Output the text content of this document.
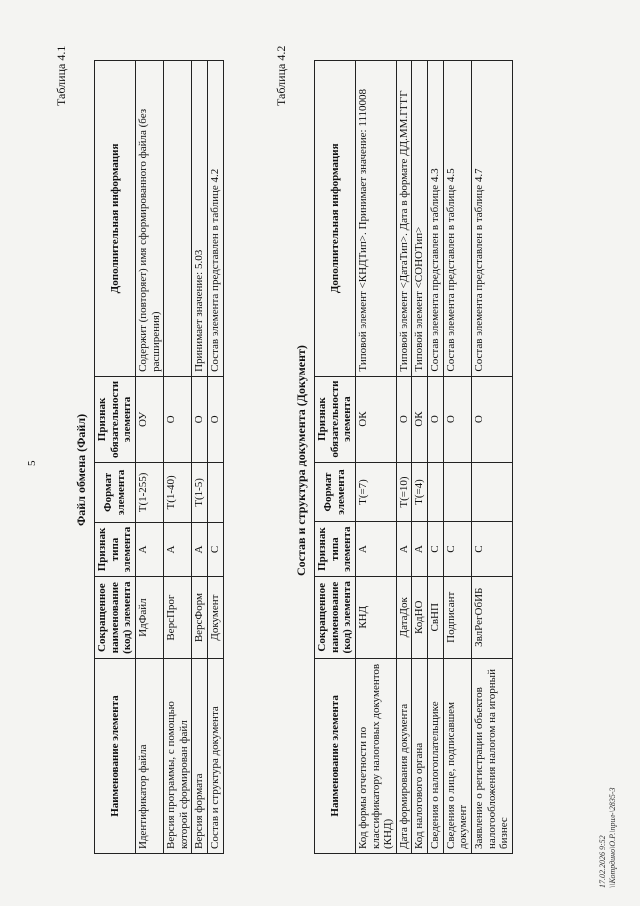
5
Таблица 4.1
Файл обмена (Файл)
Наименование элемента	Сокращенное наименование (код) элемента	Признак типа элемента	Формат элемента	Признак обязательности элемента	Дополнительная информация
Идентификатор файла	ИдФайл	А	T(1-255)	ОУ	Содержит (повторяет) имя сформированного файла (без расширения)
Версия программы, с помощью которой сформирован файл	ВерсПрог	А	T(1-40)	О	
Версия формата	ВерсФорм	А	T(1-5)	О	Принимает значение: 5.03
Состав и структура документа	Документ	С		О	Состав элемента представлен в таблице 4.2
Таблица 4.2
Состав и структура документа (Документ)
Наименование элемента	Сокращенное наименование (код) элемента	Признак типа элемента	Формат элемента	Признак обязательности элемента	Дополнительная информация
Код формы отчетности по классификатору налоговых документов (КНД)	КНД	А	T(=7)	ОК	Типовой элемент <КНДТип>. Принимает значение: 1110008
Дата формирования документа	ДатаДок	А	T(=10)	О	Типовой элемент <ДатаТип>. Дата в формате ДД.ММ.ГГГГ
Код налогового органа	КодНО	А	T(=4)	ОК	Типовой элемент <СОНОТип>
Сведения о налогоплательщике	СвНП	С		О	Состав элемента представлен в таблице 4.3
Сведения о лице, подписавшем документ	Подписант	С		О	Состав элемента представлен в таблице 4.5
Заявление о регистрации объектов налогообложения налогом на игорный бизнес	ЗвлРегОбИБ	С		О	Состав элемента представлен в таблице 4.7
17.02.2026 9:52 \\Котрдино\О.Р.\прил-\2835-3
